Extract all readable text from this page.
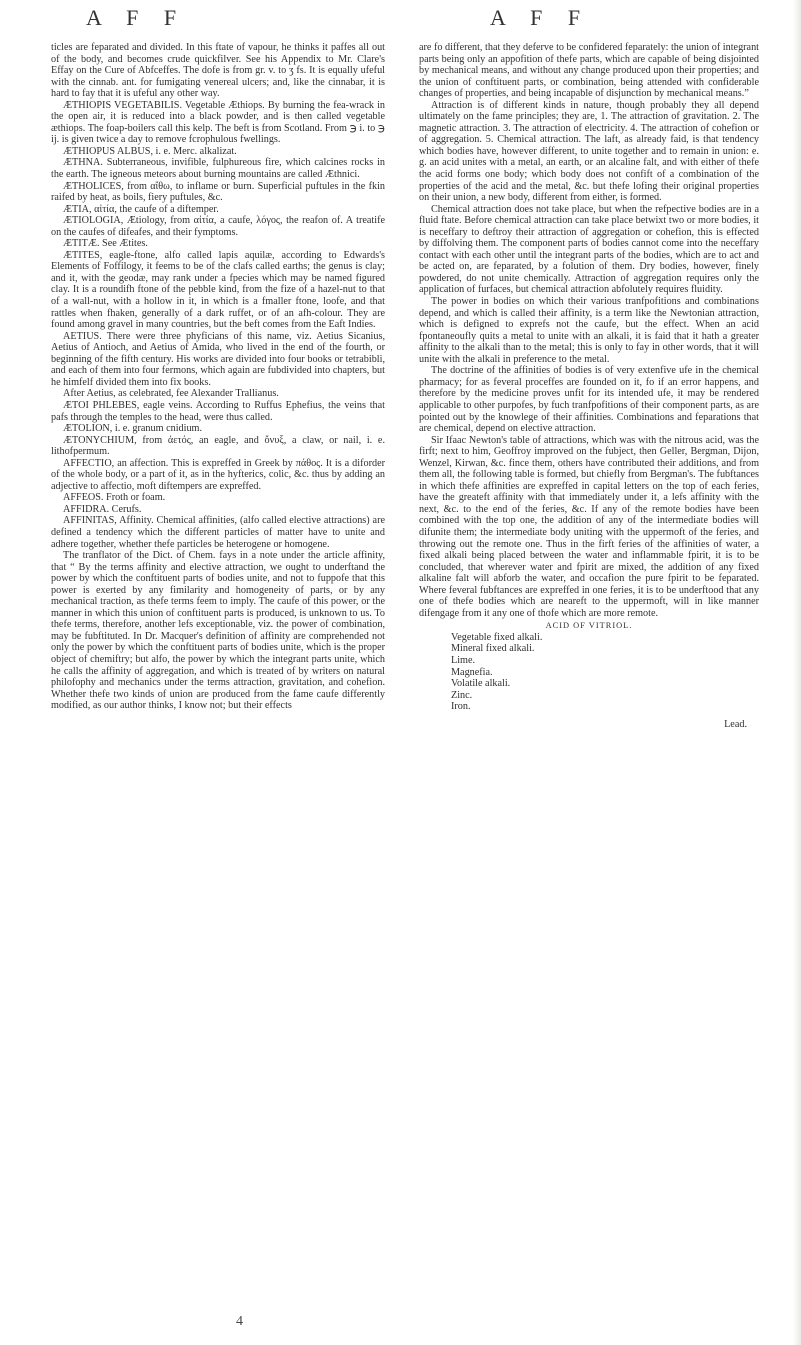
A F F	A F F

ticles are feparated and divided. In this ftate of vapour, he thinks it paffes all out of the body, and becomes crude quickfilver. See his Appendix to Mr. Clare's Effay on the Cure of Abfceffes. The dofe is from gr. v. to ʒ fs. It is equally ufeful with the cinnab. ant. for fumigating venereal ulcers; and, like the cinnabar, it is hard to fay that it is ufeful any other way.

ÆTHIOPIS VEGETABILIS. Vegetable Æthiops. By burning the fea-wrack in the open air, it is reduced into a black powder, and is then called vegetable æthiops. The foap-boilers call this kelp. The beft is from Scotland. From ℈ i. to ℈ ij. is given twice a day to remove fcrophulous fwellings.

ÆTHIOPUS ALBUS, i. e. Merc. alkalizat.

ÆTHNA. Subterraneous, invifible, fulphureous fire, which calcines rocks in the earth. The igneous meteors about burning mountains are called Æthnici.

ÆTHOLICES, from αἴθω, to inflame or burn. Superficial puftules in the fkin raifed by heat, as boils, fiery puftules, &c.

ÆTIA, αἰτία, the caufe of a diftemper.

ÆTIOLOGIA, Ætiology, from αἰτία, a caufe, λόγος, the reafon of. A treatife on the caufes of difeafes, and their fymptoms.

ÆTITÆ. See Ætites.

ÆTITES, eagle-ftone, alfo called lapis aquilæ, according to Edwards's Elements of Foffilogy, it feems to be of the clafs called earths; the genus is clay; and it, with the geodæ, may rank under a fpecies which may be named figured clay. It is a roundifh ftone of the pebble kind, from the fize of a hazel-nut to that of a wall-nut, with a hollow in it, in which is a fmaller ftone, loofe, and that rattles when fhaken, generally of a dark ruffet, or of an afh-colour. They are found among gravel in many countries, but the beft comes from the Eaft Indies.

AETIUS. There were three phyficians of this name, viz. Aetius Sicanius, Aetius of Antioch, and Aetius of Amida, who lived in the end of the fourth, or beginning of the fifth century. His works are divided into four books or tetrabibli, and each of them into four fermons, which again are fubdivided into chapters, but he himfelf divided them into fix books.

After Aetius, as celebrated, fee Alexander Trallianus.

ÆTOI PHLEBES, eagle veins. According to Ruffus Ephefius, the veins that pafs through the temples to the head, were thus called.

ÆTOLION, i. e. granum cnidium.

ÆTONYCHIUM, from ἀετός, an eagle, and ὄνυξ, a claw, or nail, i. e. lithofpermum.

AFFECTIO, an affection. This is expreffed in Greek by πάθος. It is a diforder of the whole body, or a part of it, as in the hyfterics, colic, &c. thus by adding an adjective to affectio, moft diftempers are expreffed.

AFFEOS. Froth or foam.

AFFIDRA. Cerufs.

AFFINITAS, Affinity. Chemical affinities, (alfo called elective attractions) are defined a tendency which the different particles of matter have to unite and adhere together, whether thefe particles be heterogene or homogene.

The tranflator of the Dict. of Chem. fays in a note under the article affinity, that “ By the terms affinity and elective attraction, we ought to underftand the power by which the conftituent parts of bodies unite, and not to fuppofe that this power is exerted by any fimilarity and homogeneity of parts, or by any mechanical traction, as thefe terms feem to imply. The caufe of this power, or the manner in which this union of conftituent parts is produced, is unknown to us. To thefe terms, therefore, another lefs exceptionable, viz. the power of combination, may be fubftituted. In Dr. Macquer's definition of affinity are comprehended not only the power by which the conftituent parts of bodies unite, which is the proper object of chemiftry; but alfo, the power by which the integrant parts unite, which he calls the affinity of aggregation, and which is treated of by writers on natural philofophy and mechanics under the terms attraction, gravitation, and cohefion. Whether thefe two kinds of union are produced from the fame caufe differently modified, as our author thinks, I know not; but their effects

are fo different, that they deferve to be confidered feparately: the union of integrant parts being only an appofition of thefe parts, which are capable of being disjointed by mechanical means, and without any change produced upon their properties; and the union of conftituent parts, or combination, being attended with confiderable changes of properties, and being incapable of disjunction by mechanical means.”

Attraction is of different kinds in nature, though probably they all depend ultimately on the fame principles; they are, 1. The attraction of gravitation. 2. The magnetic attraction. 3. The attraction of electricity. 4. The attraction of cohefion or of aggregation. 5. Chemical attraction. The laft, as already faid, is that tendency which bodies have, however different, to unite together and to remain in union: e. g. an acid unites with a metal, an earth, or an alcaline falt, and with either of thefe the acid forms one body; which body does not confift of a combination of the properties of the acid and the metal, &c. but thefe lofing their original properties on their union, a new body, different from either, is formed.

Chemical attraction does not take place, but when the refpective bodies are in a fluid ftate. Before chemical attraction can take place betwixt two or more bodies, it is neceffary to deftroy their attraction of aggregation or cohefion, this is effected by diffolving them. The component parts of bodies cannot come into the neceffary contact with each other until the integrant parts of the bodies, which are to act and be acted on, are feparated, by a folution of them. Dry bodies, however, finely powdered, do not unite chemically. Attraction of aggregation requires only the application of furfaces, but chemical attraction abfolutely requires fluidity.

The power in bodies on which their various tranfpofitions and combinations depend, and which is called their affinity, is a term like the Newtonian attraction, which is defigned to exprefs not the caufe, but the effect. When an acid fpontaneoufly quits a metal to unite with an alkali, it is faid that it hath a greater affinity to the alkali than to the metal; this is only to fay in other words, that it will unite with the alkali in preference to the metal.

The doctrine of the affinities of bodies is of very extenfive ufe in the chemical pharmacy; for as feveral proceffes are founded on it, fo if an error happens, and therefore by the medicine proves unfit for its intended ufe, it may be rendered applicable to other purpofes, by fuch tranfpofitions of their component parts, as are pointed out by the knowlege of their affinities. Combinations and feparations that are chemical, depend on elective attraction.

Sir Ifaac Newton's table of attractions, which was with the nitrous acid, was the firft; next to him, Geoffroy improved on the fubject, then Geller, Bergman, Dijon, Wenzel, Kirwan, &c. fince them, others have contributed their additions, and from them all, the following table is formed, but chiefly from Bergman's. The fubftances in which thefe affinities are expreffed in capital letters on the top of each feries, have the greateft affinity with that immediately under it, a lefs affinity with the next, &c. to the end of the feries, &c. If any of the remote bodies have been combined with the top one, the addition of any of the intermediate bodies will difunite them; the intermediate body uniting with the uppermoft of the feries, and throwing out the remote one. Thus in the firft feries of the affinities of water, a fixed alkali being placed between the water and inflammable fpirit, it is to be concluded, that wherever water and fpirit are mixed, the addition of any fixed alkaline falt will abforb the water, and occafion the pure fpirit to be feparated. Where feveral fubftances are expreffed in one feries, it is to be underftood that any one of thefe bodies which are neareft to the uppermoft, will in like manner difengage from it any one of thofe which are more remote.

ACID OF VITRIOL.

Vegetable fixed alkali.

Mineral fixed alkali.

Lime.

Magnefia.

Volatile alkali.

Zinc.

Iron.

Lead.

4
